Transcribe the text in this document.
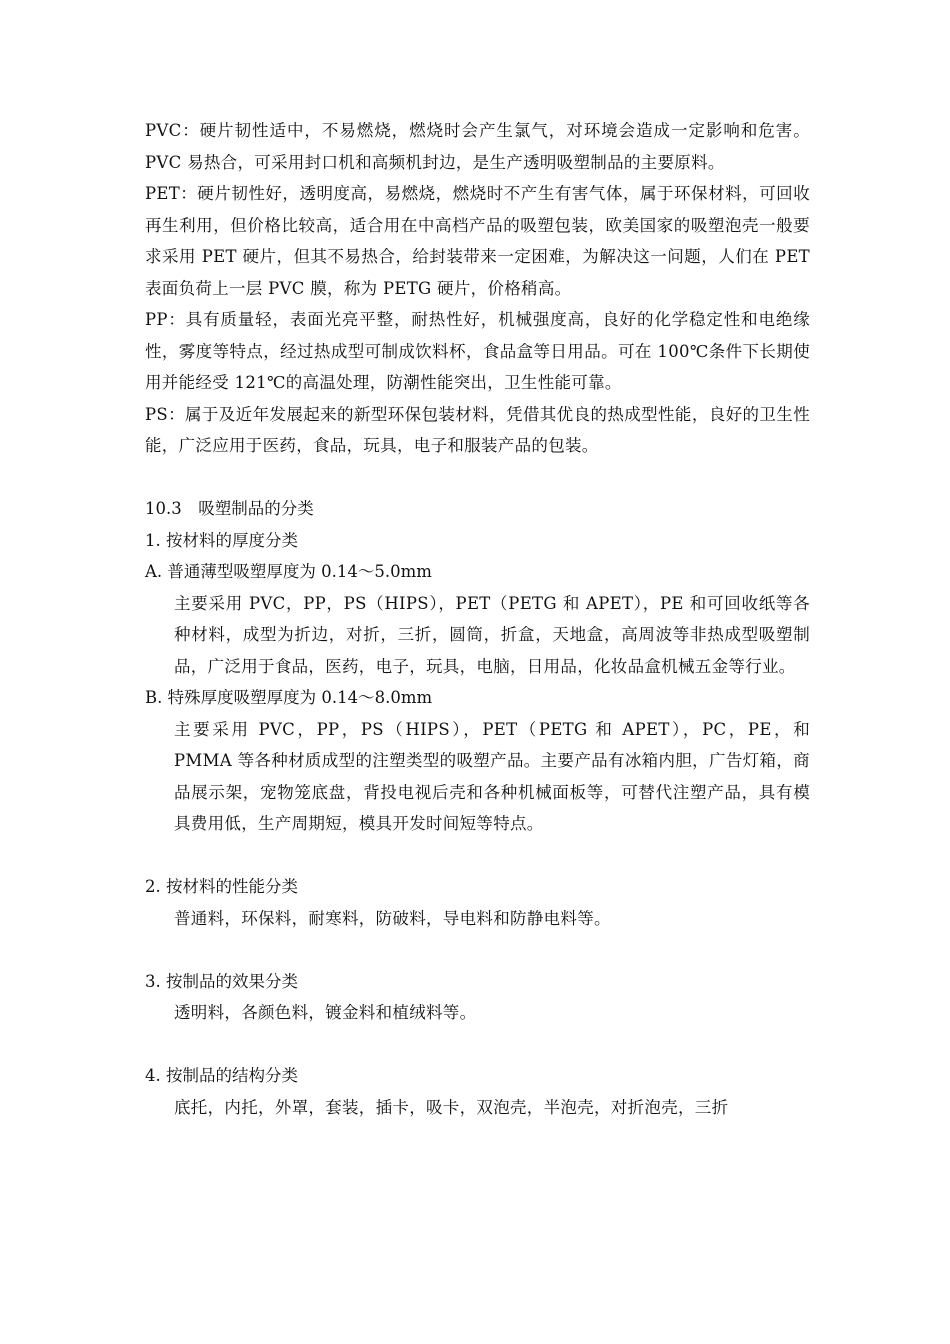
PVC：硬片韧性适中，不易燃烧，燃烧时会产生氯气，对环境会造成一定影响和危害。PVC 易热合，可采用封口机和高频机封边，是生产透明吸塑制品的主要原料。

PET：硬片韧性好，透明度高，易燃烧，燃烧时不产生有害气体，属于环保材料，可回收再生利用，但价格比较高，适合用在中高档产品的吸塑包装，欧美国家的吸塑泡壳一般要求采用 PET 硬片，但其不易热合，给封装带来一定困难，为解决这一问题，人们在 PET 表面负荷上一层 PVC 膜，称为 PETG 硬片，价格稍高。

PP：具有质量轻，表面光亮平整，耐热性好，机械强度高，良好的化学稳定性和电绝缘性，雾度等特点，经过热成型可制成饮料杯，食品盒等日用品。可在 100℃条件下长期使用并能经受 121℃的高温处理，防潮性能突出，卫生性能可靠。

PS：属于及近年发展起来的新型环保包装材料，凭借其优良的热成型性能，良好的卫生性能，广泛应用于医药，食品，玩具，电子和服装产品的包装。

10.3　吸塑制品的分类

1. 按材料的厚度分类

A. 普通薄型吸塑厚度为 0.14～5.0mm

主要采用 PVC，PP，PS（HIPS），PET（PETG 和 APET），PE 和可回收纸等各种材料，成型为折边，对折，三折，圆筒，折盒，天地盒，高周波等非热成型吸塑制品，广泛用于食品，医药，电子，玩具，电脑，日用品，化妆品盒机械五金等行业。

B. 特殊厚度吸塑厚度为 0.14～8.0mm

主要采用 PVC，PP，PS（HIPS），PET（PETG 和 APET），PC，PE，和 PMMA 等各种材质成型的注塑类型的吸塑产品。主要产品有冰箱内胆，广告灯箱，商品展示架，宠物笼底盘，背投电视后壳和各种机械面板等，可替代注塑产品，具有模具费用低，生产周期短，模具开发时间短等特点。

2. 按材料的性能分类

普通料，环保料，耐寒料，防破料，导电料和防静电料等。

3. 按制品的效果分类

透明料，各颜色料，镀金料和植绒料等。

4. 按制品的结构分类

底托，内托，外罩，套装，插卡，吸卡，双泡壳，半泡壳，对折泡壳，三折
